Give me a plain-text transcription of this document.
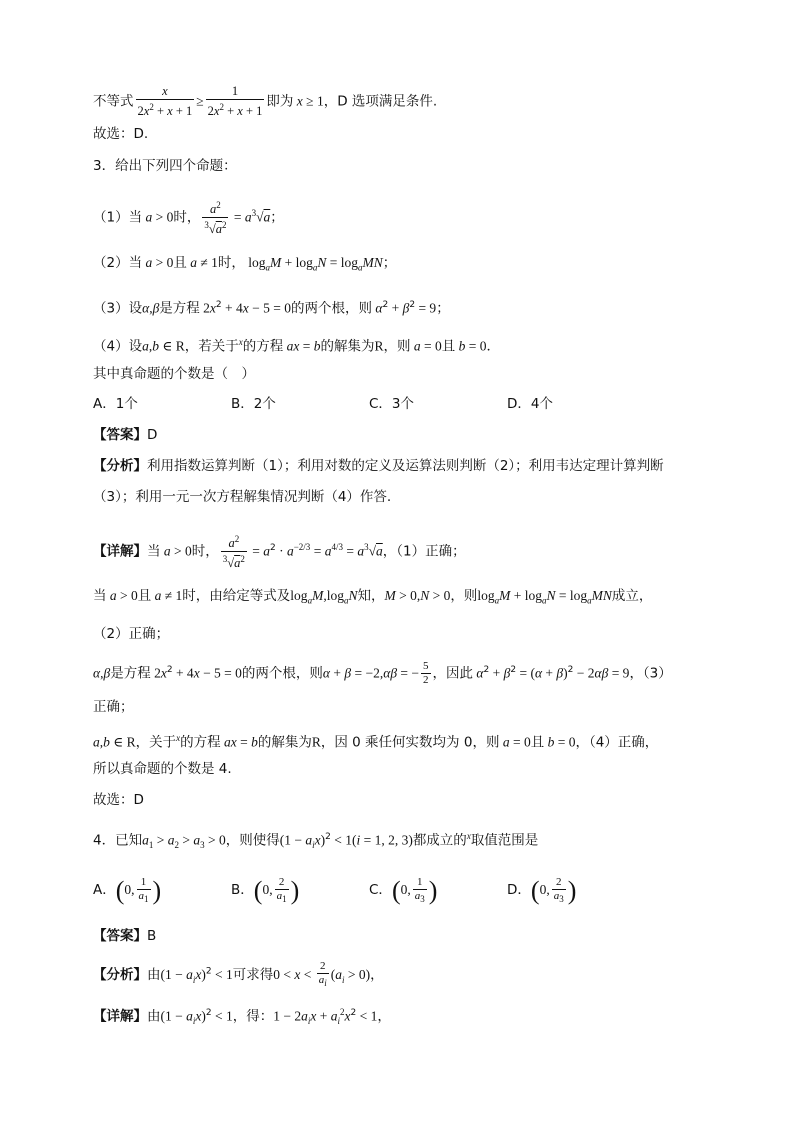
不等式 $\frac{x}{2x^2 + x + 1} \ge \frac{1}{2x^2 + x + 1}$ 即为 x ≥ 1，D 选项满足条件.
故选：D.
3．给出下列四个命题：
（1）当 a > 0时， $\frac{a^2}{^3√a^2} = a^3√a$；
（2）当 a > 0且 a ≠ 1时， $\log_aM + \log_aN = \log_aMN$；
（3）设α,β是方程 $2x^2 + 4x - 5 = 0$的两个根，则 $\alpha^2 + \beta^2 = 9$；
（4）设a,b ∈ R，若关于$^x$的方程 ax = b的解集为R，则 a = 0且 b = 0．
其中真命题的个数是（　）
A．1个	B．2个	C．3个	D．4个
【答案】D
【分析】利用指数运算判断（1）；利用对数的定义及运算法则判断（2）；利用韦达定理计算判断
（3）；利用一元一次方程解集情况判断（4）作答.
【详解】当 a > 0时， $\frac{a^2}{^3√a^2} = a^2 \cdot a^{-2/3} = a^{4/3} = a^3√a$，（1）正确；
当 a > 0且 a ≠ 1时，由给定等式及$\log_aM,\log_aN$知，M > 0,N > 0，则$\log_aM + \log_aN = \log_aMN$成立，
（2）正确；
α,β是方程 $2x^2 + 4x - 5 = 0$的两个根，则α + β = −2,αβ = − $\frac{5}{2}$ ，因此 $\alpha^2 + \beta^2 = (\alpha + \beta)^2 - 2\alpha\beta = 9$，（3）
正确；
a,b ∈ R，关于$^x$的方程 ax = b的解集为R，因 0 乘任何实数均为 0，则 a = 0且 b = 0，（4）正确，
所以真命题的个数是 4.
故选：D
4．已知$a_1 > a_2 > a_3 > 0$，则使得$(1 - a_ix)^2 < 1(i = 1$, 2, 3)都成立的$^x$取值范围是
A．(0, $\frac{1}{a_1}$ )	B．(0, $\frac{2}{a_1}$ )	C．(0, $\frac{1}{a_3}$ )	D．(0, $\frac{2}{a_3}$ )
【答案】B
【分析】由$(1 - a_ix)^2 < 1$可求得$0 < x < \frac{2}{a_i} (a_i > 0)$，
【详解】由$(1 - a_ix)^2 < 1$，得：$1 - 2a_ix + a_i^2x^2 < 1$，
